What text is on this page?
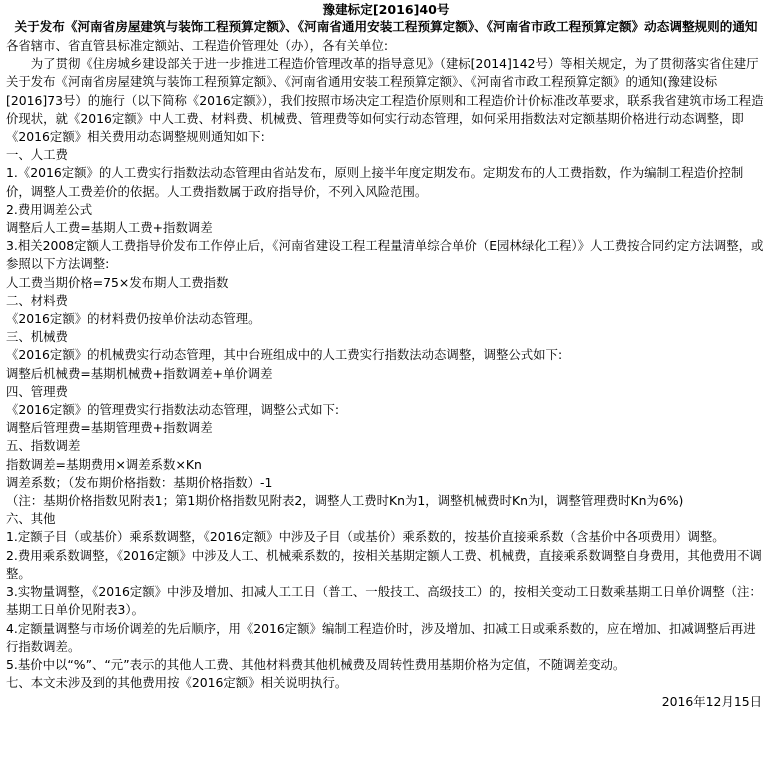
豫建标定[2016]40号

关于发布《河南省房屋建筑与装饰工程预算定额》、《河南省通用安装工程预算定额》、《河南省市政工程预算定额》动态调整规则的通知

各省辖市、省直管县标准定额站、工程造价管理处（办），各有关单位:

为了贯彻《住房城乡建设部关于进一步推进工程造价管理改革的指导意见》（建标[2014]142号）等相关规定，为了贯彻落实省住建厅关于发布《河南省房屋建筑与装饰工程预算定额》、《河南省通用安装工程预算定额》、《河南省市政工程预算定额》的通知(豫建设标[2016]73号）的施行（以下简称《2016定额》），我们按照市场决定工程造价原则和工程造价计价标准改革要求，联系我省建筑市场工程造价现状，就《2016定额》中人工费、材料费、机械费、管理费等如何实行动态管理，如何采用指数法对定额基期价格进行动态调整，即《2016定额》相关费用动态调整规则通知如下:

一、人工费

1.《2016定额》的人工费实行指数法动态管理由省站发布，原则上接半年度定期发布。定期发布的人工费指数，作为编制工程造价控制价，调整人工费差价的依据。人工费指数属于政府指导价，不列入风险范围。

2.费用调差公式

调整后人工费=基期人工费+指数调差

3.相关2008定额人工费指导价发布工作停止后，《河南省建设工程工程量清单综合单价（E园林绿化工程）》人工费按合同约定方法调整，或参照以下方法调整:

人工费当期价格=75×发布期人工费指数

二、材料费

《2016定额》的材料费仍按单价法动态管理。

三、机械费

《2016定额》的机械费实行动态管理，其中台班组成中的人工费实行指数法动态调整，调整公式如下:

调整后机械费=基期机械费+指数调差+单价调差

四、管理费

《2016定额》的管理费实行指数法动态管理，调整公式如下:

调整后管理费=基期管理费+指数调差

五、指数调差

指数调差=基期费用×调差系数×Kn

调差系数；（发布期价格指数：基期价格指数）-1

（注：基期价格指数见附表1；第1期价格指数见附表2，调整人工费时Kn为1，调整机械费时Kn为l，调整管理费时Kn为6%)

六、其他

1.定额子目（或基价）乘系数调整，《2016定额》中涉及子目（或基价）乘系数的，按基价直接乘系数（含基价中各项费用）调整。

2.费用乘系数调整，《2016定额》中涉及人工、机械乘系数的，按相关基期定额人工费、机械费，直接乘系数调整自身费用，其他费用不调整。

3.实物量调整，《2016定额》中涉及增加、扣减人工工日（普工、一般技工、高级技工）的，按相关变动工日数乘基期工日单价调整（注：基期工日单价见附表3）。

4.定额量调整与市场价调差的先后顺序，用《2016定额》编制工程造价时，涉及增加、扣减工日或乘系数的，应在增加、扣减调整后再进行指数调差。

5.基价中以“%”、“元”表示的其他人工费、其他材料费其他机械费及周转性费用基期价格为定值，不随调差变动。

七、本文未涉及到的其他费用按《2016定额》相关说明执行。

2016年12月15日
